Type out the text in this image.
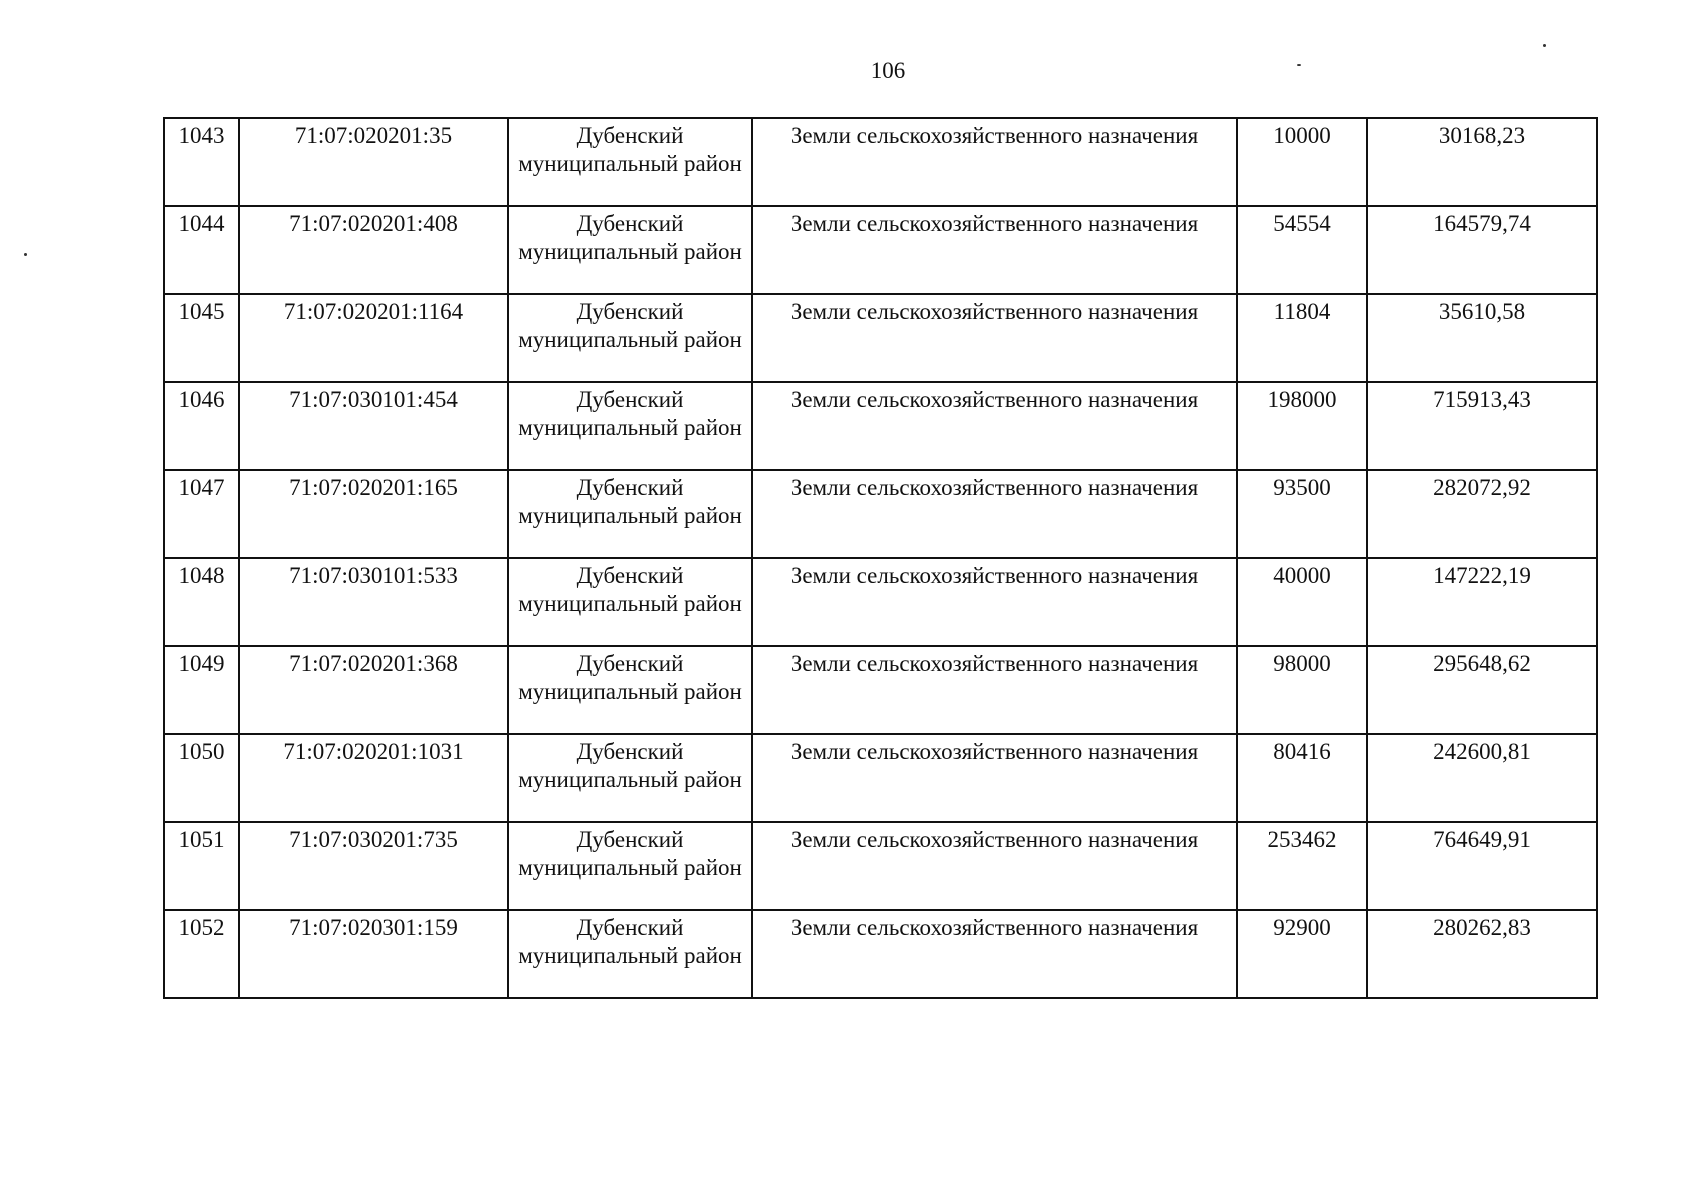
106
1043	71:07:020201:35	Дубенский муниципальный район	Земли сельскохозяйственного назначения	10000	30168,23
1044	71:07:020201:408	Дубенский муниципальный район	Земли сельскохозяйственного назначения	54554	164579,74
1045	71:07:020201:1164	Дубенский муниципальный район	Земли сельскохозяйственного назначения	11804	35610,58
1046	71:07:030101:454	Дубенский муниципальный район	Земли сельскохозяйственного назначения	198000	715913,43
1047	71:07:020201:165	Дубенский муниципальный район	Земли сельскохозяйственного назначения	93500	282072,92
1048	71:07:030101:533	Дубенский муниципальный район	Земли сельскохозяйственного назначения	40000	147222,19
1049	71:07:020201:368	Дубенский муниципальный район	Земли сельскохозяйственного назначения	98000	295648,62
1050	71:07:020201:1031	Дубенский муниципальный район	Земли сельскохозяйственного назначения	80416	242600,81
1051	71:07:030201:735	Дубенский муниципальный район	Земли сельскохозяйственного назначения	253462	764649,91
1052	71:07:020301:159	Дубенский муниципальный район	Земли сельскохозяйственного назначения	92900	280262,83
